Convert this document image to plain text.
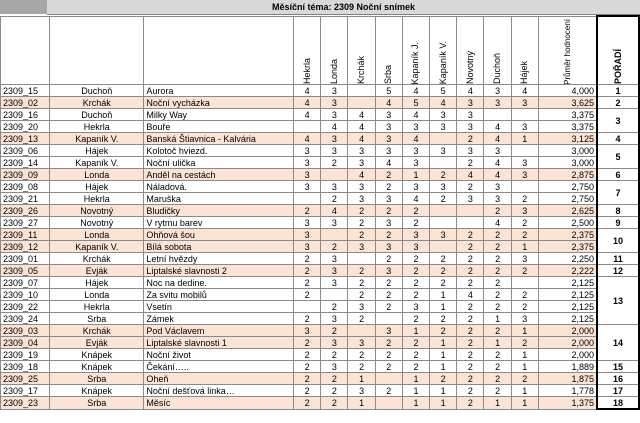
Měsíční téma: 2309 Noční snímek

			Hekrla	Londa	Krchák	Srba	Kapaník J.	Kapaník V.	Novotný	Duchoň	Hájek	Průměr hodnocení	POŘADÍ

2309_15	Duchoň	Aurora	4	3		5	4	5	4	3	4	4,000	1
2309_02	Krchák	Noční vycházka	4	3		4	5	4	3	3	3	3,625	2
2309_16	Duchoň	Milky Way	4	3	4	3	4	3	3			3,375	3
2309_20	Hekrla	Bouře		4	4	3	3	3	3	4	3	3,375	
2309_13	Kapaník V.	Banská Štiavnica - Kalvária	4	3	4	3	4		2	4	1	3,125	4
2309_06	Hájek	Kolotoč hviezd.	3	3	3	3	3	3	3	3		3,000	5
2309_14	Kapaník V.	Noční ulička	3	2	3	4	3		2	4	3	3,000	
2309_09	Londa	Anděl na cestách	3		4	2	1	2	4	4	3	2,875	6
2309_08	Hájek	Náladová.	3	3	3	2	3	3	2	3		2,750	7
2309_21	Hekrla	Maruška		2	3	3	4	2	3	3	2	2,750	
2309_26	Novotný	Bludičky	2	4	2	2	2			2	3	2,625	8
2309_27	Novotný	V rytmu barev	3	3	2	3	2			4	2	2,500	9
2309_11	Londa	Ohňová šou	3		2	2	3	3	2	2	2	2,375	10
2309_12	Kapaník V.	Bílá sobota	3	2	3	3	3		2	2	1	2,375	
2309_01	Krchák	Letní hvězdy	2	3		2	2	2	2	2	3	2,250	11
2309_05	Evják	Liptalské slavnosti 2	2	3	2	3	2	2	2	2	2	2,222	12
2309_07	Hájek	Noc na dedine.	2	3	2	2	2	2	2	2		2,125	13
2309_10	Londa	Za svitu mobilů	2		2	2	2	1	4	2	2	2,125	
2309_22	Hekrla	Vsetín		2	3	2	3	1	2	2	2	2,125	
2309_24	Srba	Zámek	2	3	2		2	2	2	1	3	2,125	
2309_03	Krchák	Pod Václavem	3	2		3	1	2	2	2	1	2,000	14
2309_04	Evják	Liptalské slavnosti 1	2	3	3	2	2	1	2	1	2	2,000	
2309_19	Knápek	Noční život	2	2	2	2	2	1	2	2	1	2,000	
2309_18	Knápek	Čekání…..	2	3	2	2	2	1	2	2	1	1,889	15
2309_25	Srba	Oheň	2	2	1		1	2	2	2	2	1,875	16
2309_17	Knápek	Noční dešťová linka…	2	2	3	2	1	1	2	2	1	1,778	17
2309_23	Srba	Měsíc	2	2	1		1	1	2	1	1	1,375	18
